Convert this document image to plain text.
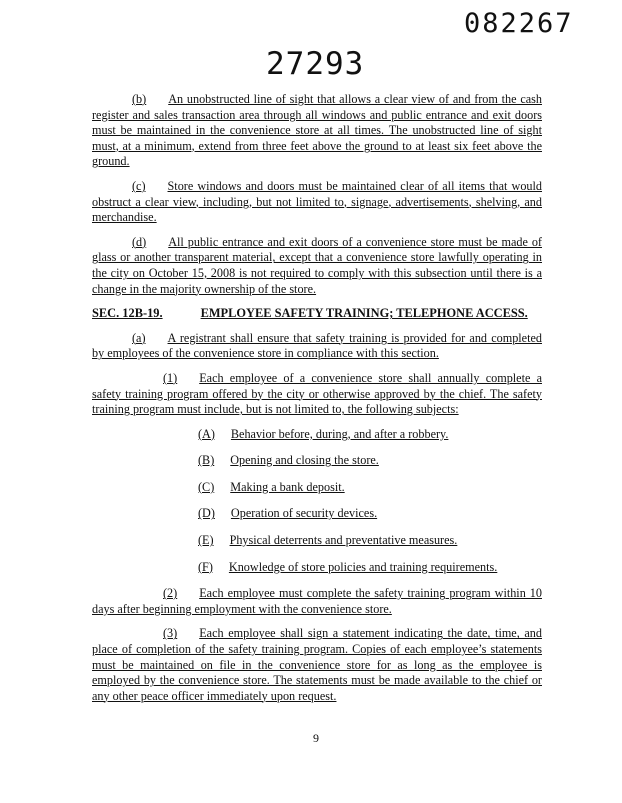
27293
082267
(b) An unobstructed line of sight that allows a clear view of and from the cash register and sales transaction area through all windows and public entrance and exit doors must be maintained in the convenience store at all times. The unobstructed line of sight must, at a minimum, extend from three feet above the ground to at least six feet above the ground.
(c) Store windows and doors must be maintained clear of all items that would obstruct a clear view, including, but not limited to, signage, advertisements, shelving, and merchandise.
(d) All public entrance and exit doors of a convenience store must be made of glass or another transparent material, except that a convenience store lawfully operating in the city on October 15, 2008 is not required to comply with this subsection until there is a change in the majority ownership of the store.
SEC. 12B-19.	EMPLOYEE SAFETY TRAINING; TELEPHONE ACCESS.
(a) A registrant shall ensure that safety training is provided for and completed by employees of the convenience store in compliance with this section.
(1) Each employee of a convenience store shall annually complete a safety training program offered by the city or otherwise approved by the chief. The safety training program must include, but is not limited to, the following subjects:
(A) Behavior before, during, and after a robbery.
(B) Opening and closing the store.
(C) Making a bank deposit.
(D) Operation of security devices.
(E) Physical deterrents and preventative measures.
(F) Knowledge of store policies and training requirements.
(2) Each employee must complete the safety training program within 10 days after beginning employment with the convenience store.
(3) Each employee shall sign a statement indicating the date, time, and place of completion of the safety training program. Copies of each employee’s statements must be maintained on file in the convenience store for as long as the employee is employed by the convenience store. The statements must be made available to the chief or any other peace officer immediately upon request.
9
